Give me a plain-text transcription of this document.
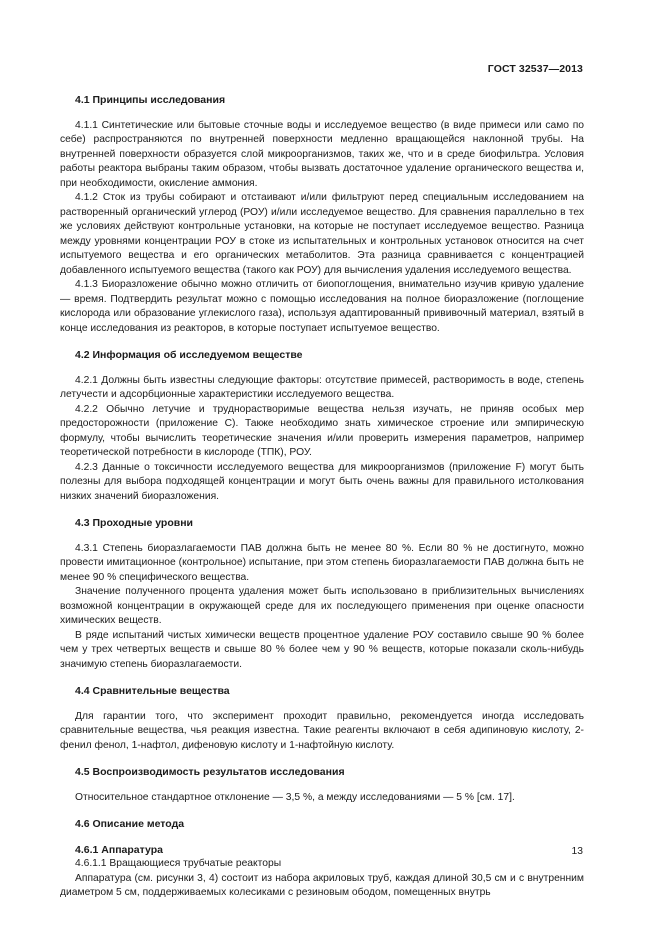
ГОСТ 32537—2013
4.1 Принципы исследования

4.1.1 Синтетические или бытовые сточные воды и исследуемое вещество (в виде примеси или само по себе) распространяются по внутренней поверхности медленно вращающейся наклонной трубы. На внутренней поверхности образуется слой микроорганизмов, таких же, что и в среде биофильтра. Условия работы реактора выбраны таким образом, чтобы вызвать достаточное удаление органического вещества и, при необходимости, окисление аммония.

4.1.2 Сток из трубы собирают и отстаивают и/или фильтруют перед специальным исследованием на растворенный органический углерод (РОУ) и/или исследуемое вещество. Для сравнения параллельно в тех же условиях действуют контрольные установки, на которые не поступает исследуемое вещество. Разница между уровнями концентрации РОУ в стоке из испытательных и контрольных установок относится на счет испытуемого вещества и его органических метаболитов. Эта разница сравнивается с концентрацией добавленного испытуемого вещества (такого как РОУ) для вычисления удаления исследуемого вещества.

4.1.3 Биоразложение обычно можно отличить от биопоглощения, внимательно изучив кривую удаление — время. Подтвердить результат можно с помощью исследования на полное биоразложение (поглощение кислорода или образование углекислого газа), используя адаптированный прививочный материал, взятый в конце исследования из реакторов, в которые поступает испытуемое вещество.

4.2 Информация об исследуемом веществе

4.2.1 Должны быть известны следующие факторы: отсутствие примесей, растворимость в воде, степень летучести и адсорбционные характеристики исследуемого вещества.

4.2.2 Обычно летучие и труднорастворимые вещества нельзя изучать, не приняв особых мер предосторожности (приложение С). Также необходимо знать химическое строение или эмпирическую формулу, чтобы вычислить теоретические значения и/или проверить измерения параметров, например теоретической потребности в кислороде (ТПК), РОУ.

4.2.3 Данные о токсичности исследуемого вещества для микроорганизмов (приложение F) могут быть полезны для выбора подходящей концентрации и могут быть очень важны для правильного истолкования низких значений биоразложения.

4.3 Проходные уровни

4.3.1 Степень биоразлагаемости ПАВ должна быть не менее 80 %. Если 80 % не достигнуто, можно провести имитационное (контрольное) испытание, при этом степень биоразлагаемости ПАВ должна быть не менее 90 % специфического вещества.

Значение полученного процента удаления может быть использовано в приблизительных вычислениях возможной концентрации в окружающей среде для их последующего применения при оценке опасности химических веществ.

В ряде испытаний чистых химически веществ процентное удаление РОУ составило свыше 90 % более чем у трех четвертых веществ и свыше 80 % более чем у 90 % веществ, которые показали сколь-нибудь значимую степень биоразлагаемости.

4.4 Сравнительные вещества

Для гарантии того, что эксперимент проходит правильно, рекомендуется иногда исследовать сравнительные вещества, чья реакция известна. Такие реагенты включают в себя адипиновую кислоту, 2-фенил фенол, 1-нафтол, дифеновую кислоту и 1-нафтойную кислоту.

4.5 Воспроизводимость результатов исследования

Относительное стандартное отклонение — 3,5 %, а между исследованиями — 5 % [см. 17].

4.6 Описание метода
4.6.1 Аппаратура

4.6.1.1 Вращающиеся трубчатые реакторы

Аппаратура (см. рисунки 3, 4) состоит из набора акриловых труб, каждая длиной 30,5 см и с внутренним диаметром 5 см, поддерживаемых колесиками с резиновым ободом, помещенных внутрь

13
